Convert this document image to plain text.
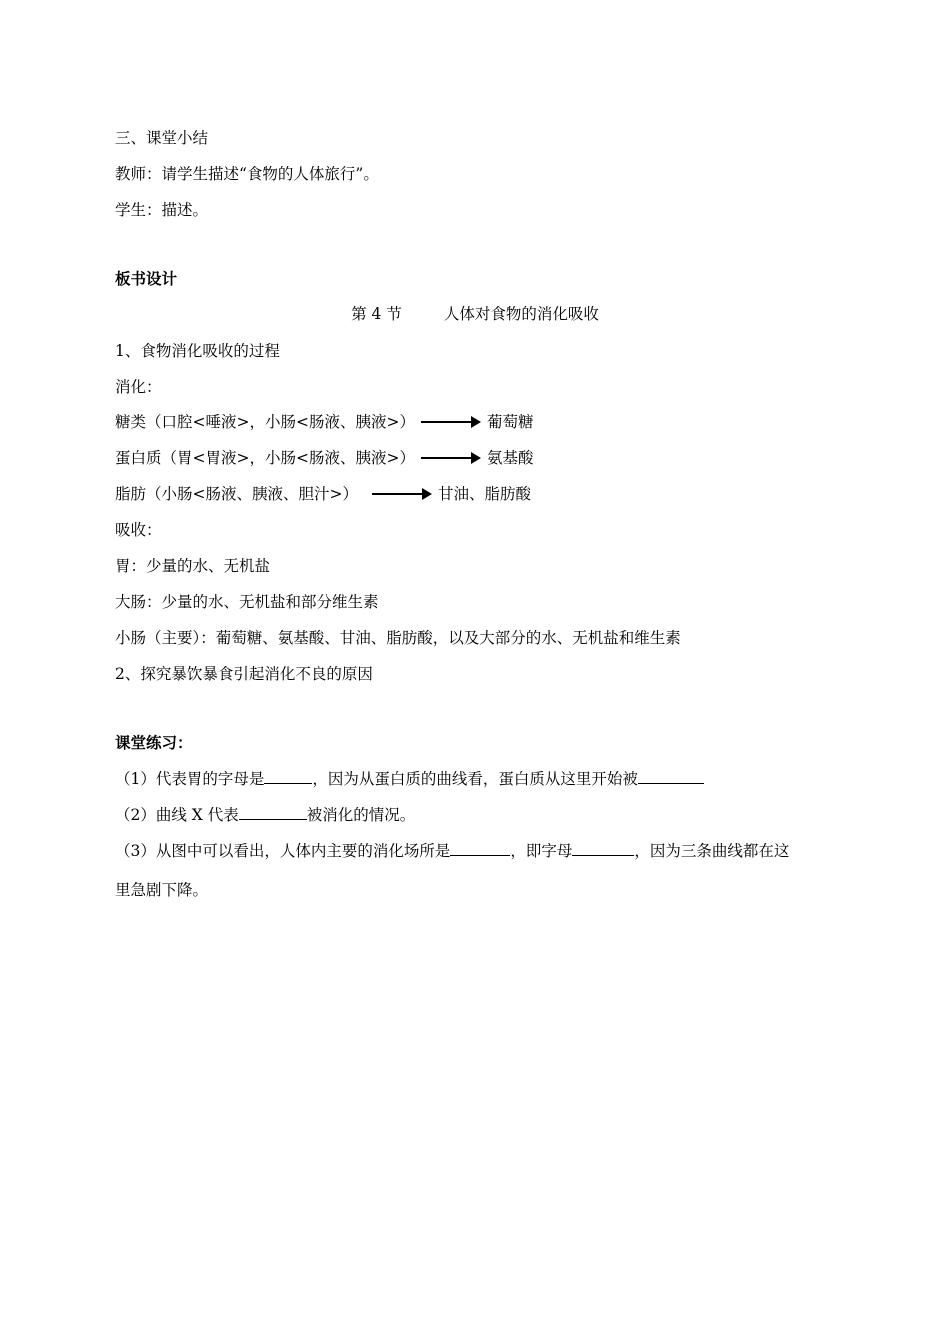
三、课堂小结
教师：请学生描述“食物的人体旅行”。
学生：描述。
板书设计
第 4 节	人体对食物的消化吸收
1、食物消化吸收的过程
消化：
糖类（口腔<唾液>，小肠<肠液、胰液>）	葡萄糖
蛋白质（胃<胃液>，小肠<肠液、胰液>）	氨基酸
脂肪（小肠<肠液、胰液、胆汁>）	甘油、脂肪酸
吸收：
胃：少量的水、无机盐
大肠：少量的水、无机盐和部分维生素
小肠（主要）：葡萄糖、氨基酸、甘油、脂肪酸，以及大部分的水、无机盐和维生素
2、探究暴饮暴食引起消化不良的原因
课堂练习：
（1）代表胃的字母是	，因为从蛋白质的曲线看，蛋白质从这里开始被
（2）曲线 X 代表	被消化的情况。
（3）从图中可以看出，人体内主要的消化场所是	，即字母	，因为三条曲线都在这
里急剧下降。
